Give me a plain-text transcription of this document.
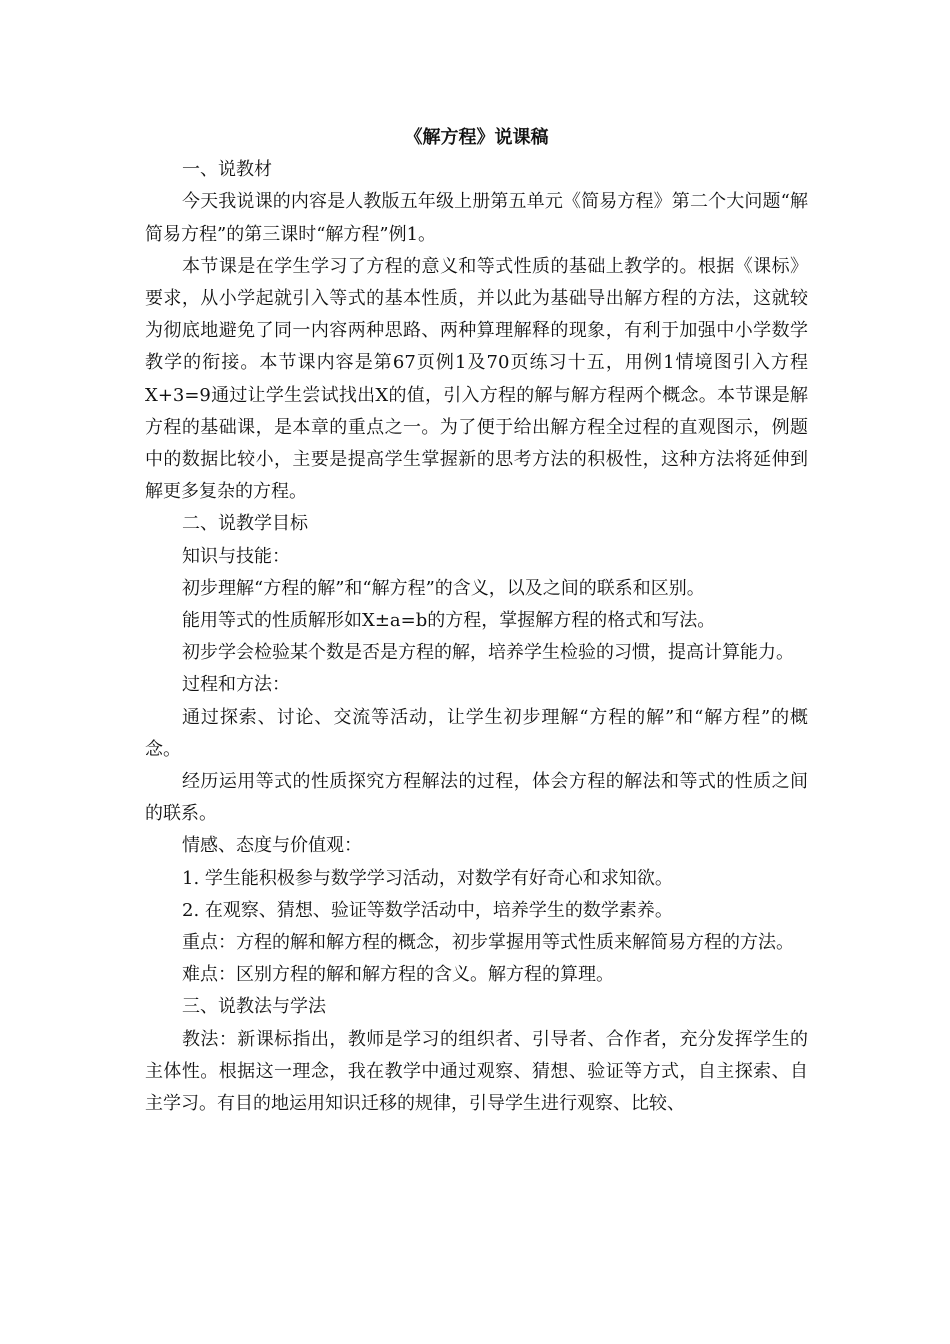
《解方程》说课稿

一、说教材

今天我说课的内容是人教版五年级上册第五单元《简易方程》第二个大问题“解简易方程”的第三课时“解方程”例1。

本节课是在学生学习了方程的意义和等式性质的基础上教学的。根据《课标》要求，从小学起就引入等式的基本性质，并以此为基础导出解方程的方法，这就较为彻底地避免了同一内容两种思路、两种算理解释的现象，有利于加强中小学数学教学的衔接。本节课内容是第67页例1及70页练习十五，用例1情境图引入方程X+3=9通过让学生尝试找出X的值，引入方程的解与解方程两个概念。本节课是解方程的基础课，是本章的重点之一。为了便于给出解方程全过程的直观图示，例题中的数据比较小，主要是提高学生掌握新的思考方法的积极性，这种方法将延伸到解更多复杂的方程。

二、说教学目标

知识与技能：

初步理解“方程的解”和“解方程”的含义，以及之间的联系和区别。

能用等式的性质解形如X±a=b的方程，掌握解方程的格式和写法。

初步学会检验某个数是否是方程的解，培养学生检验的习惯，提高计算能力。

过程和方法：

通过探索、讨论、交流等活动，让学生初步理解“方程的解”和“解方程”的概念。

经历运用等式的性质探究方程解法的过程，体会方程的解法和等式的性质之间的联系。

情感、态度与价值观：

1. 学生能积极参与数学学习活动，对数学有好奇心和求知欲。

2. 在观察、猜想、验证等数学活动中，培养学生的数学素养。

重点：方程的解和解方程的概念，初步掌握用等式性质来解简易方程的方法。

难点：区别方程的解和解方程的含义。解方程的算理。

三、说教法与学法

教法：新课标指出，教师是学习的组织者、引导者、合作者，充分发挥学生的主体性。根据这一理念，我在教学中通过观察、猜想、验证等方式，自主探索、自主学习。有目的地运用知识迁移的规律，引导学生进行观察、比较、
